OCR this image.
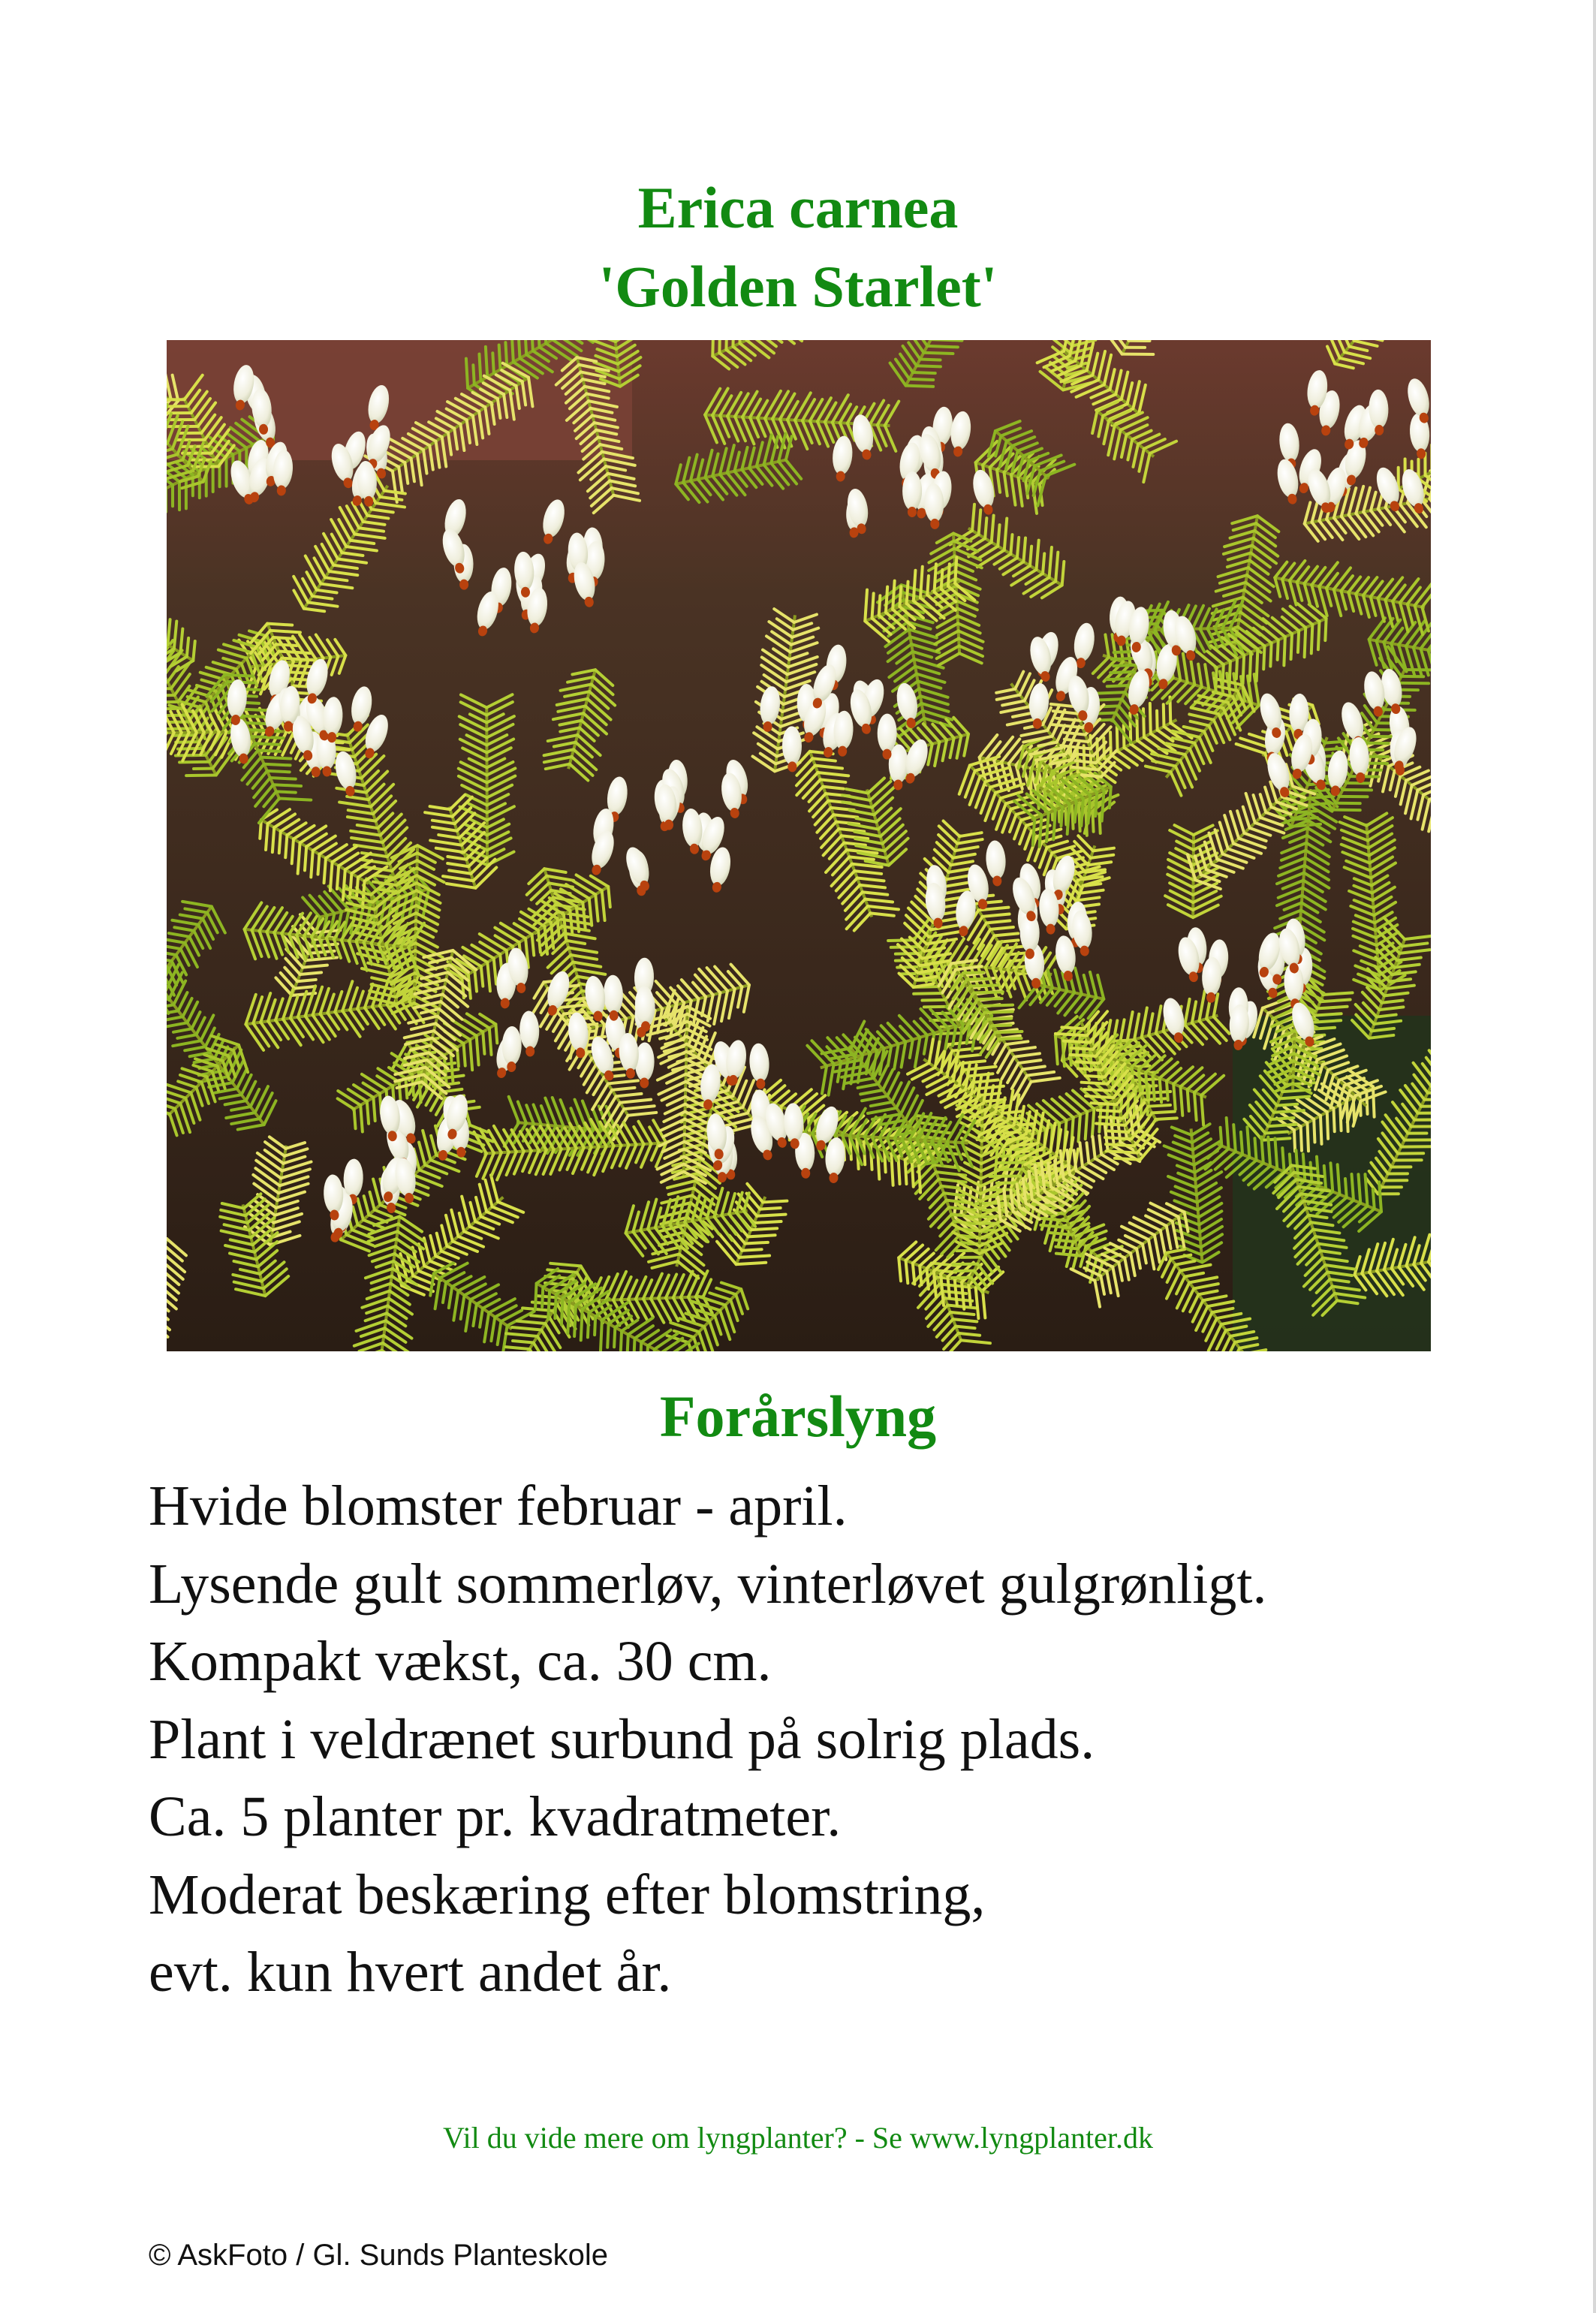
Erica carnea
'Golden Starlet'
Forårslyng
Hvide blomster februar - april.
Lysende gult sommerløv, vinterløvet gulgrønligt.
Kompakt vækst, ca. 30 cm.
Plant i veldrænet surbund på solrig plads.
Ca. 5 planter pr. kvadratmeter.
Moderat beskæring efter blomstring,
evt. kun hvert andet år.
Vil du vide mere om lyngplanter? - Se www.lyngplanter.dk
© AskFoto / Gl. Sunds Planteskole
